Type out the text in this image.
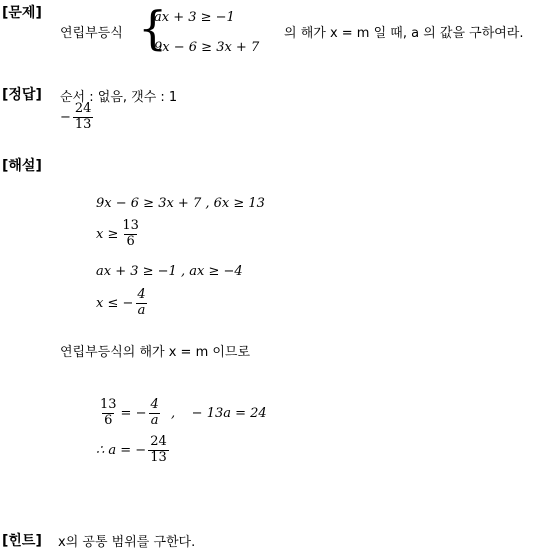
[문제]
연립부등식 {
ax + 3 ≥ −1
9x − 6 ≥ 3x + 7
의 해가 x = m 일 때, a 의 값을 구하여라.
[정답] 순서 : 없음, 갯수 : 1
− $\frac{24}{13}$
[해설]
9x − 6 ≥ 3x + 7 , 6x ≥ 13
$x \ge \frac{13}{6}$
ax + 3 ≥ −1 , ax ≥ −4
x ≤ − $\frac{4}{a}$
연립부등식의 해가 x = m 이므로
$\frac{13}{6}$ = − $\frac{4}{a}$ ,    − 13a = 24
∴ a = − $\frac{24}{13}$
[힌트] x의 공통 범위를 구한다.
